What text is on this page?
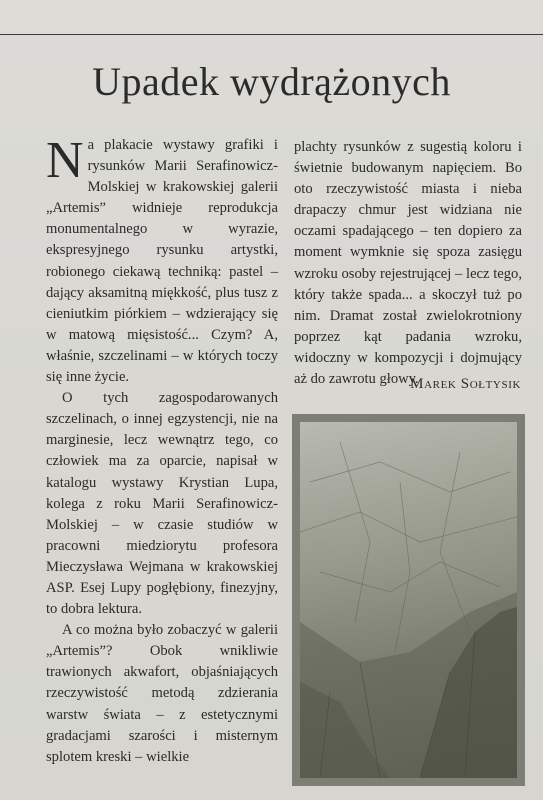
Upadek wydrążonych

Na plakacie wystawy grafiki i rysunków Marii Serafinowicz-Molskiej w krakowskiej galerii „Artemis” widnieje reprodukcja monumentalnego w wyrazie, ekspresyjnego rysunku artystki, robionego ciekawą techniką: pastel – dający aksamitną miękkość, plus tusz z cieniutkim piórkiem – wdzierający się w matową mięsistość... Czym? A, właśnie, szczelinami – w których toczy się inne życie.

O tych zagospodarowanych szczelinach, o innej egzystencji, nie na marginesie, lecz wewnątrz tego, co człowiek ma za oparcie, napisał w katalogu wystawy Krystian Lupa, kolega z roku Marii Serafinowicz-Molskiej – w czasie studiów w pracowni miedziorytu profesora Mieczysława Wejmana w krakowskiej ASP. Esej Lupy pogłębiony, finezyjny, to dobra lektura.

A co można było zobaczyć w galerii „Artemis”? Obok wnikliwie trawionych akwafort, objaśniających rzeczywistość metodą zdzierania warstw świata – z estetycznymi gradacjami szarości i misternym splotem kreski – wielkie

plachty rysunków z sugestią koloru i świetnie budowanym napięciem. Bo oto rzeczywistość miasta i nieba drapaczy chmur jest widziana nie oczami spadającego – ten dopiero za moment wymknie się spoza zasięgu wzroku osoby rejestrującej – lecz tego, który także spada... a skoczył tuż po nim. Dramat został zwielokrotniony poprzez kąt padania wzroku, widoczny w kompozycji i dojmujący aż do zawrotu głowy.

Marek Sołtysik
